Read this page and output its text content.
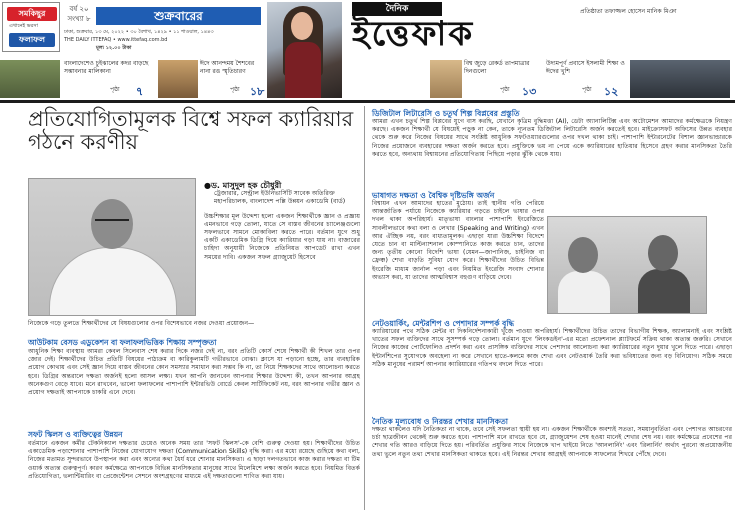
সমকিছুর
এখানেই ভরসা
ফলাফল
বর্ষ ২০
সংখ্যা ৮	শুক্রবারের
ঢাকা, শুক্রবার, ১৩ মে, ২০২২ • ৩০ বৈশাখ, ১৪২৯ • ১১ শাওয়াল, ১৪৪৩
THE DAILY ITTEFAQ • www.ittefaq.com.bd
মূল্য ১২.০০ টাকা
দৈনিক
ইত্তেফাক
প্রতিষ্ঠাতা তফাজ্জল হোসেন মানিক মিঞা
বাংলাদেশেও চুইঝালের কদর বাড়ছে সম্ভাবনার মালিকানা
পৃষ্ঠা ৭
ঈদে আনন্দময় শৈশবের নানা রঙ স্মৃতিচারণ
পৃষ্ঠা ১৮
বিশ্ব জুড়ে রেকর্ড তাপমাত্রার দিনগুলো
পৃষ্ঠা ১৩
উদ্যমপূর্ণ প্রবাসে ইসলামী শিক্ষা ও ঈদের খুশি
পৃষ্ঠা ১২
প্রতিযোগিতামূলক বিশ্বে সফল ক্যারিয়ার গঠনে করণীয়
●ড. মাসুদুল হক চৌধুরী
ট্রেজারার, সেন্ট্রাল ইউনিভার্সিটি সাবেক অতিরিক্ত মহাপরিচালক, বাংলাদেশ পল্লি উন্নয়ন একাডেমি (বার্ড)
উচ্চশিক্ষার মূল উদ্দেশ্য হলো একজন শিক্ষার্থীকে জ্ঞান ও প্রজ্ঞায় এমনভাবে গড়ে তোলা, যাতে সে বাস্তব জীবনের চ্যালেঞ্জগুলো সফলভাবে সামনে মোকাবিলা করতে পারে। বর্তমান যুগে শুধু একটি একাডেমিক ডিগ্রি দিয়ে ক্যারিয়ার গড়া যায় না। বাজারের চাহিদা অনুযায়ী নিজেকে প্রতিনিয়ত আপডেট রাখা এখন সময়ের দাবি। একজন সফল গ্র্যাজুয়েট হিসেবে
নিজেকে গড়ে তুলতে শিক্ষার্থীদের যে বিষয়গুলোর ওপর বিশেষভাবে নজর দেওয়া প্রয়োজন—
আউটকাম বেসড এডুকেশন বা ফলাফলভিত্তিক শিক্ষায় সম্পৃক্ততা
আধুনিক শিক্ষা ব্যবস্থায় আমরা কেবল সিলেবাস শেষ করার দিকে নজর দেই না, বরং প্রতিটি কোর্স শেষে শিক্ষার্থী কী শিখল তার ওপর জোর দেই। শিক্ষার্থীদের উচিত প্রতিটি বিষয়ের পাঠ্যক্রম বা কারিকুলামটি গভীরভাবে বোঝা। ক্লাসে যা পড়ানো হচ্ছে, তার ব্যবহারিক প্রয়োগ কোথায় এবং সেই জ্ঞান দিয়ে বাস্তব জীবনের কোন সমস্যার সমাধান করা সম্ভব কি না, তা নিয়ে শিক্ষকদের সাথে আলোচনা করতে হবে। ডিগ্রির অন্তরালে দক্ষতা অর্জনই হলো আসল লক্ষ্য। যখন আপনি জানবেন আপনার শিক্ষার উদ্দেশ্য কী, তখন আপনার আগ্রহ অনেকগুণ বেড়ে যাবে। মনে রাখবেন, ভালো ফলাফলের পাশাপাশি ইন্টারভিউ বোর্ডে কেবল সার্টিফিকেট নয়, বরং আপনার গভীর জ্ঞান ও প্রয়োগ দক্ষতাই আপনাকে চাকরি এনে দেবে।
সফট স্কিলস ও ব্যক্তিত্বের উন্নয়ন
বর্তমানে একজন কর্মীর টেকনিক্যাল দক্ষতার চেয়েও অনেক সময় তার 'সফট স্কিলস'-কে বেশি গুরুত্ব দেওয়া হয়। শিক্ষার্থীদের উচিত একাডেমিক পড়াশোনার পাশাপাশি নিজের যোগাযোগ দক্ষতা (Communication Skills) বৃদ্ধি করা। এর মধ্যে রয়েছে গুছিয়ে কথা বলা, নিজের মতামত সুন্দরভাবে উপস্থাপন করা এবং অন্যের কথা ধৈর্য ধরে শোনার মানসিকতা। এ ছাড়া দলগতভাবে কাজ করার দক্ষতা বা টিম ওয়ার্ক অত্যন্ত গুরুত্বপূর্ণ। কারণ কর্মক্ষেত্রে আপনাকে বিভিন্ন মানসিকতার মানুষের সাথে মিলেমিশে লক্ষ্য অর্জন করতে হবে। নিয়মিত বিতর্ক প্রতিযোগিতা, ভলান্টিয়ারিং বা প্রেজেন্টেশন সেশনে অংশগ্রহণের মাধ্যমে এই দক্ষতাগুলো শাণিত করা যায়।
ডিজিটাল লিটারেসি ও চতুর্থ শিল্প বিপ্লবের প্রস্তুতি
আমরা এখন চতুর্থ শিল্প বিপ্লবের যুগে বাস করছি, যেখানে কৃত্রিম বুদ্ধিমত্তা (AI), ডেটা অ্যানালিটিক্স এবং অটোমেশন আমাদের কর্মক্ষেত্রকে নিয়ন্ত্রণ করছে। একজন শিক্ষার্থী যে বিষয়েই পড়ুক না কেন, তাকে ন্যূনতম ডিজিটাল লিটারেসি অর্জন করতেই হবে। মাইক্রোসফট অফিসের উন্নত ব্যবহার থেকে শুরু করে নিজের বিষয়ের সাথে সংশ্লিষ্ট আধুনিক সফটওয়্যারগুলোর ওপর দখল থাকা চাই। পাশাপাশি ইন্টারনেটের বিশাল জ্ঞানভান্ডারকে নিজের প্রয়োজনে ব্যবহারের দক্ষতা অর্জন করতে হবে। প্রযুক্তিকে ভয় না পেয়ে একে ক্যারিয়ারের হাতিয়ার হিসেবে গ্রহণ করার মানসিকতা তৈরি করতে হবে, অন্যথায় বিশ্বায়নের প্রতিযোগিতায় পিছিয়ে পড়ার ঝুঁকি থেকে যায়।
ভাষাগত দক্ষতা ও বৈশ্বিক দৃষ্টিভঙ্গি অর্জন
বিশ্বায়ন এখন আমাদের হাতের মুঠোয়। তাই স্থানীয় গণ্ডি পেরিয়ে আন্তর্জাতিক পর্যায়ে নিজেকে ক্যারিয়ার গড়তে চাইলে ভাষার ওপর দখল থাকা অপরিহার্য। মাতৃভাষা বাংলার পাশাপাশি ইংরেজিতে সাবলীলভাবে কথা বলা ও লেখার (Speaking and Writing) এখন আর ঐচ্ছিক নয়, বরং বাধ্যতামূলক। এছাড়া যারা উচ্চশিক্ষা বিদেশে যেতে চান বা মাল্টিন্যাশনাল কোম্পানিতে কাজ করতে চান, তাদের জন্য তৃতীয় কোনো বিদেশি ভাষা (যেমন—জাপানিজ, চাইনিজ বা ফ্রেঞ্চ) শেখা বাড়তি সুবিধা যোগ করে। শিক্ষার্থীদের উচিত বিভিন্ন ইংরেজি মাধ্যম জার্নাল পড়া এবং নিয়মিত ইংরেজি সংবাদ শোনার অভ্যাস করা, যা তাদের আত্মবিশ্বাস বহুগুণ বাড়িয়ে দেবে।
নেটওয়ার্কিং, মেন্টরশিপ ও পেশাদার সম্পর্ক বৃদ্ধি
ক্যারিয়ারের পথে সঠিক মেন্টর বা দিকনির্দেশনাকারী খুঁজে পাওয়া অপরিহার্য। শিক্ষার্থীদের উচিত তাদের বিভাগীয় শিক্ষক, অ্যালামনাই এবং সংশ্লিষ্ট খাতের সফল ব্যক্তিদের সাথে সুসম্পর্ক গড়ে তোলা। বর্তমান যুগে 'লিংকডইন'-এর মতো প্রফেশনাল প্ল্যাটফর্মে সক্রিয় থাকা অত্যন্ত জরুরি। সেখানে নিজের কাজের পোর্টফোলিও প্রদর্শন করা এবং প্রাসঙ্গিক ব্যক্তিদের সাথে পেশাদার আলোচনা করা ক্যারিয়ারের নতুন দুয়ার খুলে দিতে পারে। এছাড়া ইন্টার্নশিপের সুযোগকে অবহেলা না করে সেখানে হাতে-কলমে কাজ শেখা এবং নেটওয়ার্ক তৈরি করা ভবিষ্যতের জন্য বড় বিনিয়োগ। সঠিক সময়ে সঠিক মানুষের পরামর্শ আপনার ক্যারিয়ারের গতিপথ বদলে দিতে পারে।
নৈতিক মূল্যবোধ ও নিরন্তর শেখার মানসিকতা
দক্ষতা থাকলেও যদি নৈতিকতা না থাকে, তবে সেই সফলতা স্থায়ী হয় না। একজন শিক্ষার্থীকে অবশ্যই সততা, সময়ানুবর্তিতা এবং পেশাগত আচরণের চর্চা ছাত্রজীবন থেকেই শুরু করতে হবে। পাশাপাশি মনে রাখতে হবে যে, গ্র্যাজুয়েশন শেষ হওয়া মানেই শেখার শেষ নয়। বরং কর্মক্ষেত্রে প্রবেশের পর শেখার গতি আরও বাড়িয়ে দিতে হয়। পরিবর্তিত প্রযুক্তির সাথে নিজেকে খাপ খাইয়ে নিতে 'আনলার্নিং' এবং 'রিলার্নিং' অর্থাৎ পুরনো অপ্রয়োজনীয় তথ্য ভুলে নতুন তথ্য শেখার মানসিকতা থাকতে হবে। এই নিরন্তর শেখার আগ্রহই আপনাকে সাফল্যের শিখরে পৌঁছে দেবে।
